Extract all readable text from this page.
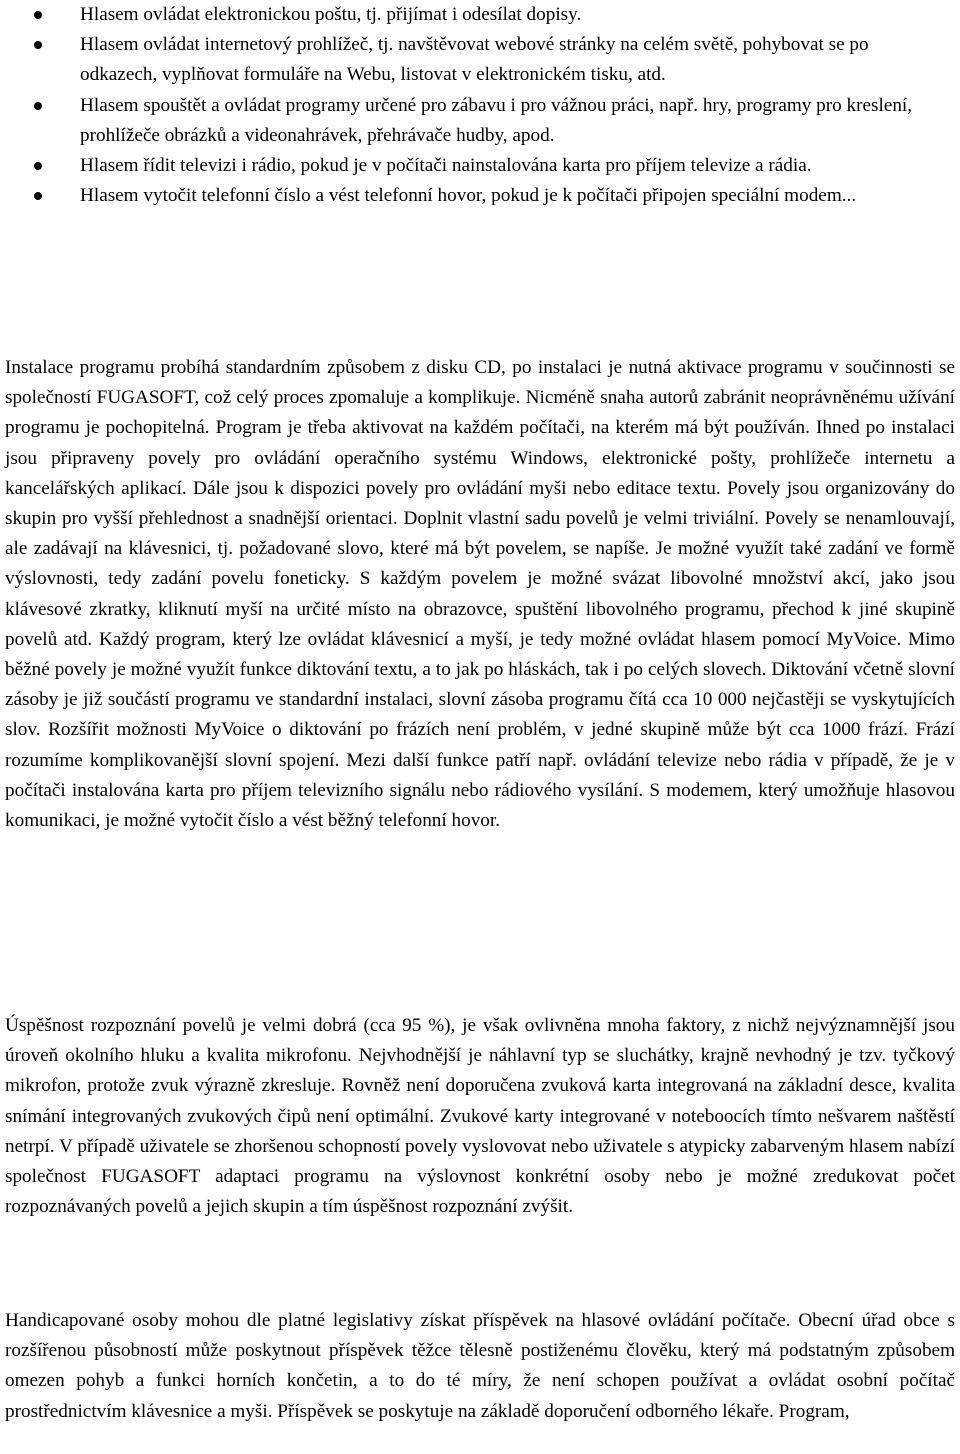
Hlasem ovládat elektronickou poštu, tj. přijímat i odesílat dopisy.
Hlasem ovládat internetový prohlížeč, tj. navštěvovat webové stránky na celém světě, pohybovat se po odkazech, vyplňovat formuláře na Webu, listovat v elektronickém tisku, atd.
Hlasem spouštět a ovládat programy určené pro zábavu i pro vážnou práci, např. hry, programy pro kreslení, prohlížeče obrázků a videonahrávek, přehrávače hudby, apod.
Hlasem řídit televizi i rádio, pokud je v počítači nainstalována karta pro příjem televize a rádia.
Hlasem vytočit telefonní číslo a vést telefonní hovor, pokud je k počítači připojen speciální modem...

Instalace programu probíhá standardním způsobem z disku CD, po instalaci je nutná aktivace programu v součinnosti se společností FUGASOFT, což celý proces zpomaluje a komplikuje. Nicméně snaha autorů zabránit neoprávněnému užívání programu je pochopitelná. Program je třeba aktivovat na každém počítači, na kterém má být používán. Ihned po instalaci jsou připraveny povely pro ovládání operačního systému Windows, elektronické pošty, prohlížeče internetu a kancelářských aplikací. Dále jsou k dispozici povely pro ovládání myši nebo editace textu. Povely jsou organizovány do skupin pro vyšší přehlednost a snadnější orientaci. Doplnit vlastní sadu povelů je velmi triviální. Povely se nenamlouvají, ale zadávají na klávesnici, tj. požadované slovo, které má být povelem, se napíše. Je možné využít také zadání ve formě výslovnosti, tedy zadání povelu foneticky. S každým povelem je možné svázat libovolné množství akcí, jako jsou klávesové zkratky, kliknutí myší na určité místo na obrazovce, spuštění libovolného programu, přechod k jiné skupině povelů atd. Každý program, který lze ovládat klávesnicí a myší, je tedy možné ovládat hlasem pomocí MyVoice. Mimo běžné povely je možné využít funkce diktování textu, a to jak po hláskách, tak i po celých slovech. Diktování včetně slovní zásoby je již součástí programu ve standardní instalaci, slovní zásoba programu čítá cca 10 000 nejčastěji se vyskytujících slov. Rozšířit možnosti MyVoice o diktování po frázích není problém, v jedné skupině může být cca 1000 frází. Frází rozumíme komplikovanější slovní spojení. Mezi další funkce patří např. ovládání televize nebo rádia v případě, že je v počítači instalována karta pro příjem televizního signálu nebo rádiového vysílání. S modemem, který umožňuje hlasovou komunikaci, je možné vytočit číslo a vést běžný telefonní hovor.

Úspěšnost rozpoznání povelů je velmi dobrá (cca 95 %), je však ovlivněna mnoha faktory, z nichž nejvýznamnější jsou úroveň okolního hluku a kvalita mikrofonu. Nejvhodnější je náhlavní typ se sluchátky, krajně nevhodný je tzv. tyčkový mikrofon, protože zvuk výrazně zkresluje. Rovněž není doporučena zvuková karta integrovaná na základní desce, kvalita snímání integrovaných zvukových čipů není optimální. Zvukové karty integrované v noteboocích tímto nešvarem naštěstí netrpí. V případě uživatele se zhoršenou schopností povely vyslovovat nebo uživatele s atypicky zabarveným hlasem nabízí společnost FUGASOFT adaptaci programu na výslovnost konkrétní osoby nebo je možné zredukovat počet rozpoznávaných povelů a jejich skupin a tím úspěšnost rozpoznání zvýšit.

Handicapované osoby mohou dle platné legislativy získat příspěvek na hlasové ovládání počítače. Obecní úřad obce s rozšířenou působností může poskytnout příspěvek těžce tělesně postiženému člověku, který má podstatným způsobem omezen pohyb a funkci horních končetin, a to do té míry, že není schopen používat a ovládat osobní počítač prostřednictvím klávesnice a myši. Příspěvek se poskytuje na základě doporučení odborného lékaře. Program,
